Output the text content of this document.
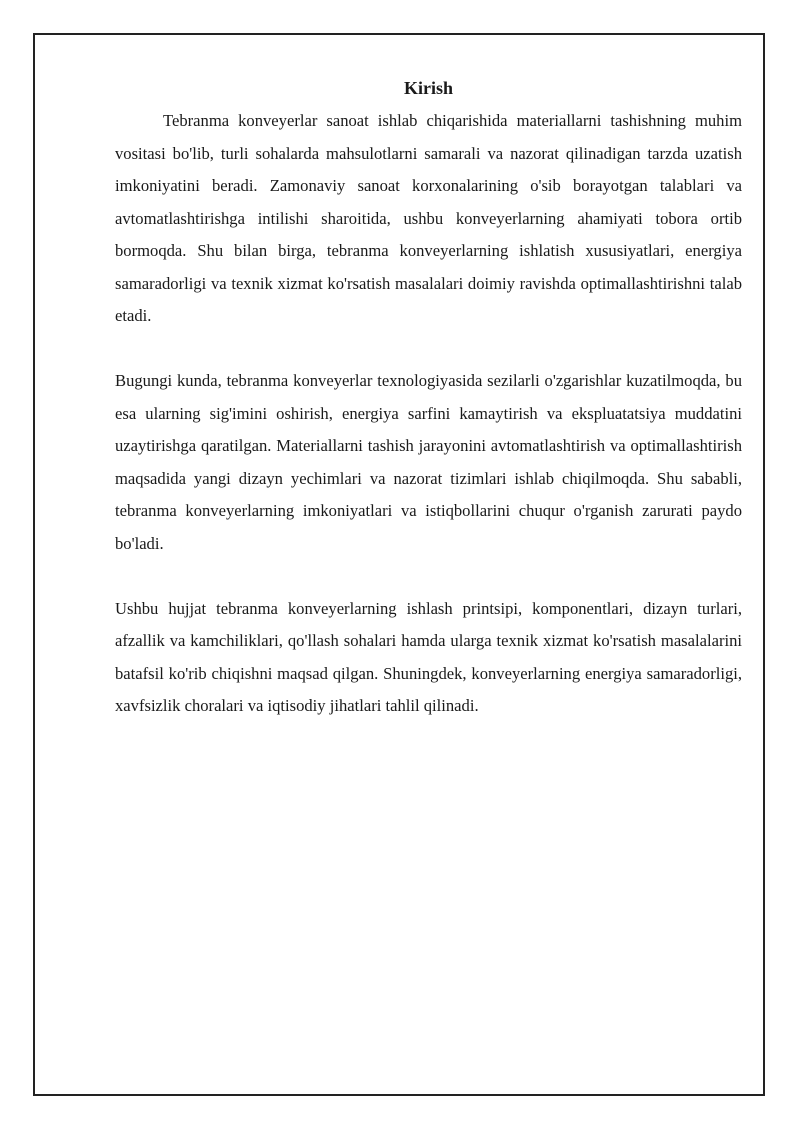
Kirish

Tebranma konveyerlar sanoat ishlab chiqarishida materiallarni tashishning muhim vositasi bo'lib, turli sohalarda mahsulotlarni samarali va nazorat qilinadigan tarzda uzatish imkoniyatini beradi. Zamonaviy sanoat korxonalarining o'sib borayotgan talablari va avtomatlashtirishga intilishi sharoitida, ushbu konveyerlarning ahamiyati tobora ortib bormoqda. Shu bilan birga, tebranma konveyerlarning ishlatish xususiyatlari, energiya samaradorligi va texnik xizmat ko'rsatish masalalari doimiy ravishda optimallashtirishni talab etadi.

Bugungi kunda, tebranma konveyerlar texnologiyasida sezilarli o'zgarishlar kuzatilmoqda, bu esa ularning sig'imini oshirish, energiya sarfini kamaytirish va ekspluatatsiya muddatini uzaytirishga qaratilgan. Materiallarni tashish jarayonini avtomatlashtirish va optimallashtirish maqsadida yangi dizayn yechimlari va nazorat tizimlari ishlab chiqilmoqda. Shu sababli, tebranma konveyerlarning imkoniyatlari va istiqbollarini chuqur o'rganish zarurati paydo bo'ladi.

Ushbu hujjat tebranma konveyerlarning ishlash printsipi, komponentlari, dizayn turlari, afzallik va kamchiliklari, qo'llash sohalari hamda ularga texnik xizmat ko'rsatish masalalarini batafsil ko'rib chiqishni maqsad qilgan. Shuningdek, konveyerlarning energiya samaradorligi, xavfsizlik choralari va iqtisodiy jihatlari tahlil qilinadi.
